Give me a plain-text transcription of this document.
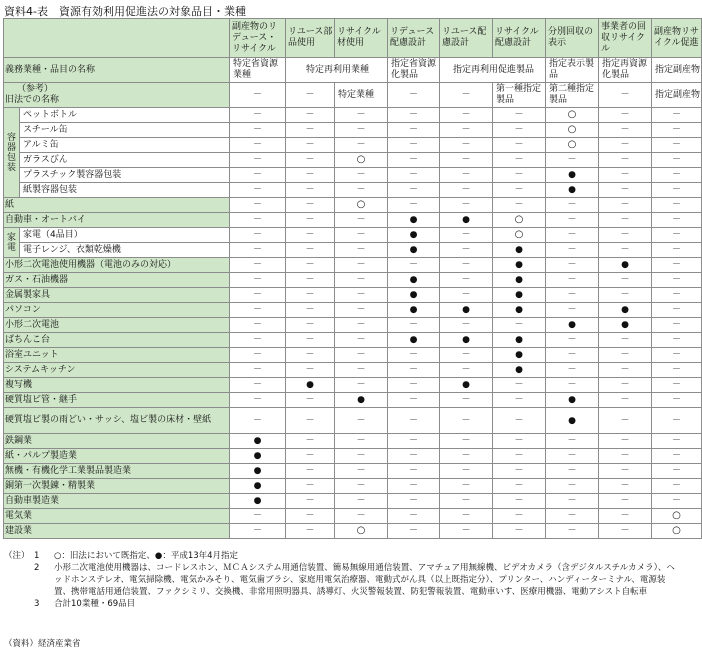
資料4-表　資源有効利用促進法の対象品目・業種
		副産物のリデュース・リサイクル	リユース部品使用	リサイクル材使用	リデュース配慮設計	リユース配慮設計	リサイクル配慮設計	分別回収の表示	事業者の回収リサイクル	副産物リサイクル促進
義務業種・品目の名称		特定省資源業種	特定再利用業種		指定省資源化製品	指定再利用促進製品		指定表示製品	指定再資源化製品	指定副産物

（参考）
旧法での名称		－	－	特定業種	－	－	第一種指定製品	第二種指定製品	－	指定副産物

容
器
包
装	ペットボトル	－	－	－	－	－	－	○	－	－
	スチール缶	－	－	－	－	－	－	○	－	－
	アルミ缶	－	－	－	－	－	－	○	－	－
	ガラスびん	－	－	○	－	－	－	－	－	－
	プラスチック製容器包装	－	－	－	－	－	－	●	－	－
	紙製容器包装	－	－	－	－	－	－	●	－	－
紙		－	－	○	－	－	－	－	－	－
自動車・オートバイ		－	－	－	●	●	○	－	－	－

家
電	家電（4品目）	－	－	－	●	－	○	－	－	－
	電子レンジ、衣類乾燥機	－	－	－	●	－	●	－	－	－
小形二次電池使用機器（電池のみの対応）		－	－	－	－	－	●	－	●	－
ガス・石油機器		－	－	－	●	－	●	－	－	－
金属製家具		－	－	－	●	－	●	－	－	－
パソコン		－	－	－	●	●	●	－	●	－
小形二次電池		－	－	－	－	－	－	●	●	－
ぱちんこ台		－	－	－	●	●	●	－	－	－
浴室ユニット		－	－	－	－	－	●	－	－	－
システムキッチン		－	－	－	－	－	●	－	－	－
複写機		－	●	－	－	●	－	－	－	－
硬質塩ビ管・継手		－	－	●	－	－	－	●	－	－
硬質塩ビ製の雨どい・サッシ、塩ビ製の床材・壁紙		－	－	－	－	－	－	●	－	－
鉄鋼業		●	－	－	－	－	－	－	－	－
紙・パルプ製造業		●	－	－	－	－	－	－	－	－
無機・有機化学工業製品製造業		●	－	－	－	－	－	－	－	－
銅第一次製錬・精製業		●	－	－	－	－	－	－	－	－
自動車製造業		●	－	－	－	－	－	－	－	－
電気業		－	－	－	－	－	－	－	－	○
建設業		－	－	○	－	－	－	－	－	○
（注） 1 ○：旧法において既指定、●：平成13年4月指定
2 小形二次電池使用機器は、コードレスホン、ＭＣＡシステム用通信装置、簡易無線用通信装置、アマチュア用無線機、ビデオカメラ（含デジタルスチルカメラ）、ヘッドホンステレオ、電気掃除機、電気かみそり、電気歯ブラシ、家庭用電気治療器、電動式がん具（以上既指定分）、プリンター、ハンディーターミナル、電源装置、携帯電話用通信装置、ファクシミリ、交換機、非常用照明器具、誘導灯、火災警報装置、防犯警報装置、電動車いす、医療用機器、電動アシスト自転車
3 合計10業種・69品目
（資料）経済産業省
